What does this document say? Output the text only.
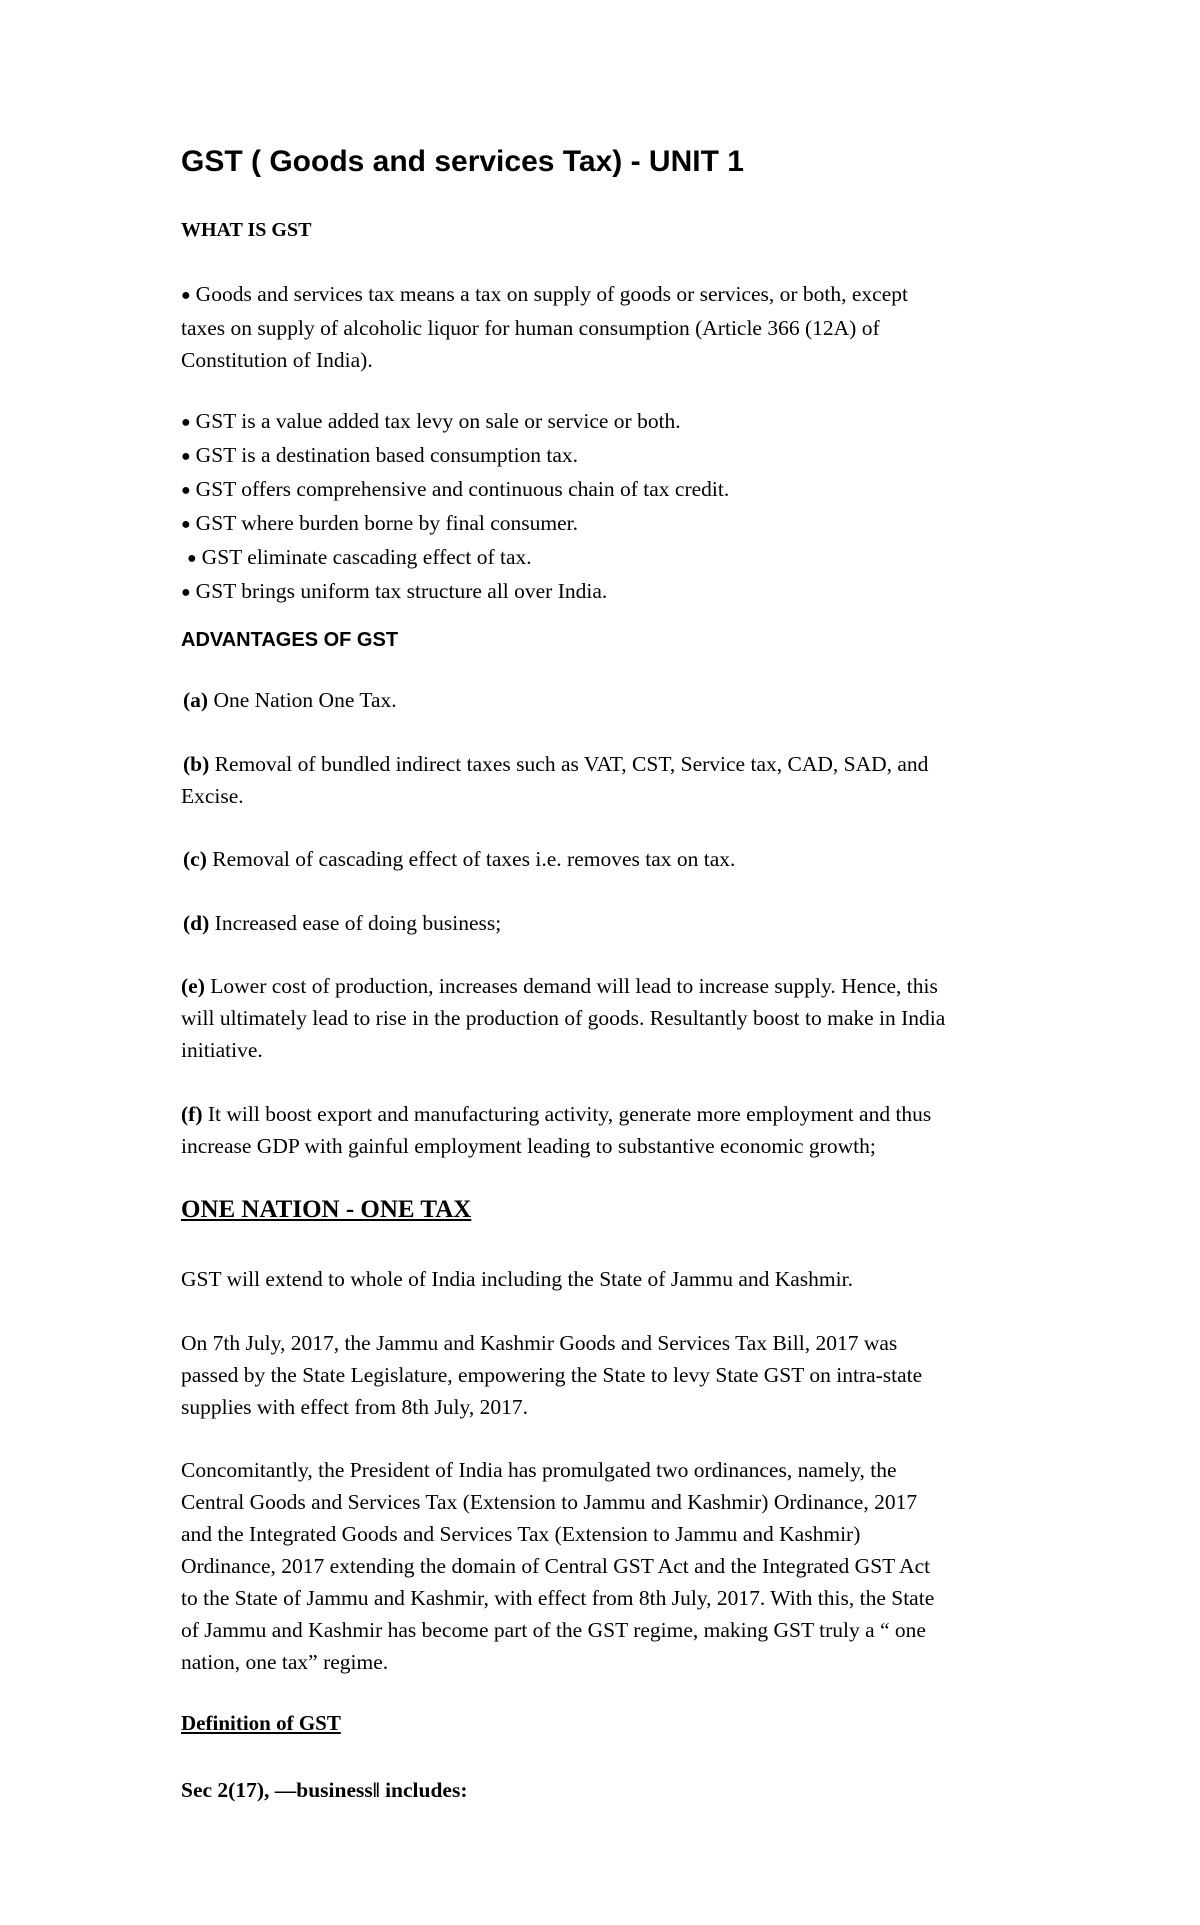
GST ( Goods and services Tax) - UNIT 1
WHAT IS GST
● Goods and services tax means a tax on supply of goods or services, or both, except
taxes on supply of alcoholic liquor for human consumption (Article 366 (12A) of
Constitution of India).
● GST is a value added tax levy on sale or service or both.
● GST is a destination based consumption tax.
● GST offers comprehensive and continuous chain of tax credit.
● GST where burden borne by final consumer.
● GST eliminate cascading effect of tax.
● GST brings uniform tax structure all over India.
ADVANTAGES OF GST
(a) One Nation One Tax.
(b) Removal of bundled indirect taxes such as VAT, CST, Service tax, CAD, SAD, and
Excise.
(c) Removal of cascading effect of taxes i.e. removes tax on tax.
(d) Increased ease of doing business;
(e) Lower cost of production, increases demand will lead to increase supply. Hence, this
will ultimately lead to rise in the production of goods. Resultantly boost to make in India
initiative.
(f) It will boost export and manufacturing activity, generate more employment and thus
increase GDP with gainful employment leading to substantive economic growth;
ONE NATION - ONE TAX
GST will extend to whole of India including the State of Jammu and Kashmir.
On 7th July, 2017, the Jammu and Kashmir Goods and Services Tax Bill, 2017 was
passed by the State Legislature, empowering the State to levy State GST on intra-state
supplies with effect from 8th July, 2017.
Concomitantly, the President of India has promulgated two ordinances, namely, the
Central Goods and Services Tax (Extension to Jammu and Kashmir) Ordinance, 2017
and the Integrated Goods and Services Tax (Extension to Jammu and Kashmir)
Ordinance, 2017 extending the domain of Central GST Act and the Integrated GST Act
to the State of Jammu and Kashmir, with effect from 8th July, 2017. With this, the State
of Jammu and Kashmir has become part of the GST regime, making GST truly a “ one
nation, one tax” regime.
Definition of GST
Sec 2(17), —business‖ includes:
